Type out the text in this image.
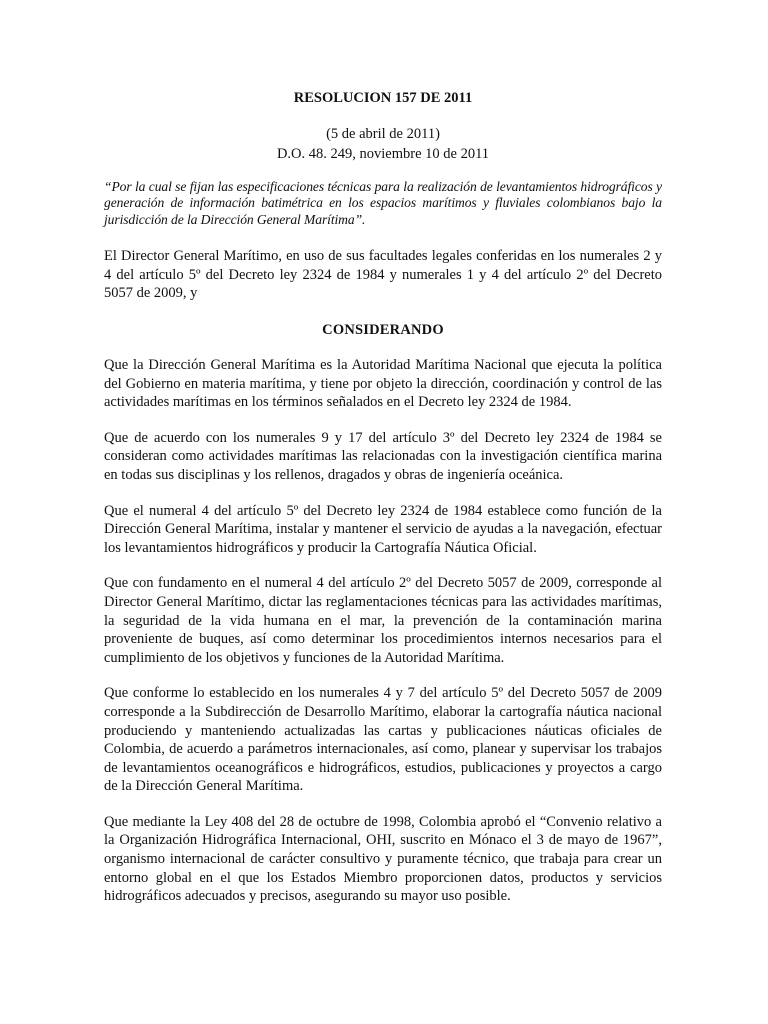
RESOLUCION 157 DE 2011
(5 de abril de 2011)
D.O. 48. 249, noviembre 10 de 2011
“Por la cual se fijan las especificaciones técnicas para la realización de levantamientos hidrográficos y generación de información batimétrica en los espacios marítimos y fluviales colombianos bajo la jurisdicción de la Dirección General Marítima”.

El Director General Marítimo, en uso de sus facultades legales conferidas en los numerales 2 y 4 del artículo 5º del Decreto ley 2324 de 1984 y numerales 1 y 4 del artículo 2º del Decreto 5057 de 2009, y

CONSIDERANDO

Que la Dirección General Marítima es la Autoridad Marítima Nacional que ejecuta la política del Gobierno en materia marítima, y tiene por objeto la dirección, coordinación y control de las actividades marítimas en los términos señalados en el Decreto ley 2324 de 1984.

Que de acuerdo con los numerales 9 y 17 del artículo 3º del Decreto ley 2324 de 1984 se consideran como actividades marítimas las relacionadas con la investigación científica marina en todas sus disciplinas y los rellenos, dragados y obras de ingeniería oceánica.

Que el numeral 4 del artículo 5º del Decreto ley 2324 de 1984 establece como función de la Dirección General Marítima, instalar y mantener el servicio de ayudas a la navegación, efectuar los levantamientos hidrográficos y producir la Cartografía Náutica Oficial.

Que con fundamento en el numeral 4 del artículo 2º del Decreto 5057 de 2009, corresponde al Director General Marítimo, dictar las reglamentaciones técnicas para las actividades marítimas, la seguridad de la vida humana en el mar, la prevención de la contaminación marina proveniente de buques, así como determinar los procedimientos internos necesarios para el cumplimiento de los objetivos y funciones de la Autoridad Marítima.

Que conforme lo establecido en los numerales 4 y 7 del artículo 5º del Decreto 5057 de 2009 corresponde a la Subdirección de Desarrollo Marítimo, elaborar la cartografía náutica nacional produciendo y manteniendo actualizadas las cartas y publicaciones náuticas oficiales de Colombia, de acuerdo a parámetros internacionales, así como, planear y supervisar los trabajos de levantamientos oceanográficos e hidrográficos, estudios, publicaciones y proyectos a cargo de la Dirección General Marítima.

Que mediante la Ley 408 del 28 de octubre de 1998, Colombia aprobó el “Convenio relativo a la Organización Hidrográfica Internacional, OHI, suscrito en Mónaco el 3 de mayo de 1967”, organismo internacional de carácter consultivo y puramente técnico, que trabaja para crear un entorno global en el que los Estados Miembro proporcionen datos, productos y servicios hidrográficos adecuados y precisos, asegurando su mayor uso posible.
